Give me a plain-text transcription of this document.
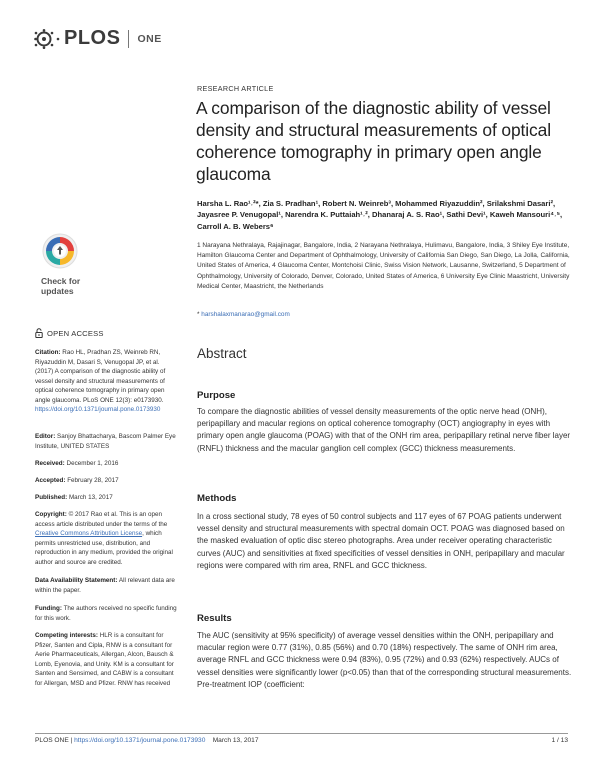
PLOS ONE
Check for
updates
OPEN ACCESS
Citation: Rao HL, Pradhan ZS, Weinreb RN, Riyazuddin M, Dasari S, Venugopal JP, et al. (2017) A comparison of the diagnostic ability of vessel density and structural measurements of optical coherence tomography in primary open angle glaucoma. PLoS ONE 12(3): e0173930. https://doi.org/10.1371/journal.pone.0173930
Editor: Sanjoy Bhattacharya, Bascom Palmer Eye Institute, UNITED STATES
Received: December 1, 2016
Accepted: February 28, 2017
Published: March 13, 2017
Copyright: © 2017 Rao et al. This is an open access article distributed under the terms of the Creative Commons Attribution License, which permits unrestricted use, distribution, and reproduction in any medium, provided the original author and source are credited.
Data Availability Statement: All relevant data are within the paper.
Funding: The authors received no specific funding for this work.
Competing interests: HLR is a consultant for Pfizer, Santen and Cipla, RNW is a consultant for Aerie Pharmaceuticals, Allergan, Alcon, Bausch & Lomb, Eyenovia, and Unity. KM is a consultant for Santen and Sensimed, and CABW is a consultant for Allergan, MSD and Pfizer. RNW has received
RESEARCH ARTICLE
A comparison of the diagnostic ability of vessel density and structural measurements of optical coherence tomography in primary open angle glaucoma
Harsha L. Rao¹˒²*, Zia S. Pradhan¹, Robert N. Weinreb³, Mohammed Riyazuddin², Srilakshmi Dasari², Jayasree P. Venugopal¹, Narendra K. Puttaiah¹˒², Dhanaraj A. S. Rao¹, Sathi Devi¹, Kaweh Mansouri⁴˒⁵, Carroll A. B. Webers⁶
1 Narayana Nethralaya, Rajajinagar, Bangalore, India, 2 Narayana Nethralaya, Hulimavu, Bangalore, India, 3 Shiley Eye Institute, Hamilton Glaucoma Center and Department of Ophthalmology, University of California San Diego, San Diego, La Jolla, California, United States of America, 4 Glaucoma Center, Montchoisi Clinic, Swiss Vision Network, Lausanne, Switzerland, 5 Department of Ophthalmology, University of Colorado, Denver, Colorado, United States of America, 6 University Eye Clinic Maastricht, University Medical Center, Maastricht, the Netherlands
* harshalaxmanarao@gmail.com
Abstract
Purpose

To compare the diagnostic abilities of vessel density measurements of the optic nerve head (ONH), peripapillary and macular regions on optical coherence tomography (OCT) angiography in eyes with primary open angle glaucoma (POAG) with that of the ONH rim area, peripapillary retinal nerve fiber layer (RNFL) thickness and the macular ganglion cell complex (GCC) thickness measurements.

Methods

In a cross sectional study, 78 eyes of 50 control subjects and 117 eyes of 67 POAG patients underwent vessel density and structural measurements with spectral domain OCT. POAG was diagnosed based on the masked evaluation of optic disc stereo photographs. Area under receiver operating characteristic curves (AUC) and sensitivities at fixed specificities of vessel densities in ONH, peripapillary and macular regions were compared with rim area, RNFL and GCC thickness.

Results

The AUC (sensitivity at 95% specificity) of average vessel densities within the ONH, peripapillary and macular region were 0.77 (31%), 0.85 (56%) and 0.70 (18%) respectively. The same of ONH rim area, average RNFL and GCC thickness were 0.94 (83%), 0.95 (72%) and 0.93 (62%) respectively. AUCs of vessel densities were significantly lower (p<0.05) than that of the corresponding structural measurements. Pre-treatment IOP (coefficient:

PLOS ONE | https://doi.org/10.1371/journal.pone.0173930 March 13, 2017	1 / 13
